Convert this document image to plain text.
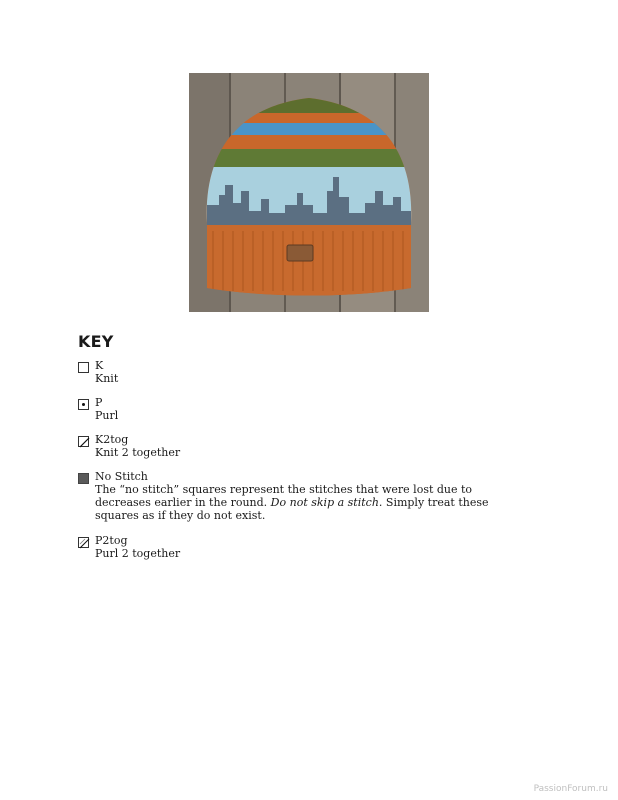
KEY
K
Knit
P
Purl
K2tog
Knit 2 together
No Stitch
The “no stitch” squares represent the stitches that were lost due to decreases earlier in the round. Do not skip a stitch. Simply treat these squares as if they do not exist.
P2tog
Purl 2 together
PassionForum.ru
